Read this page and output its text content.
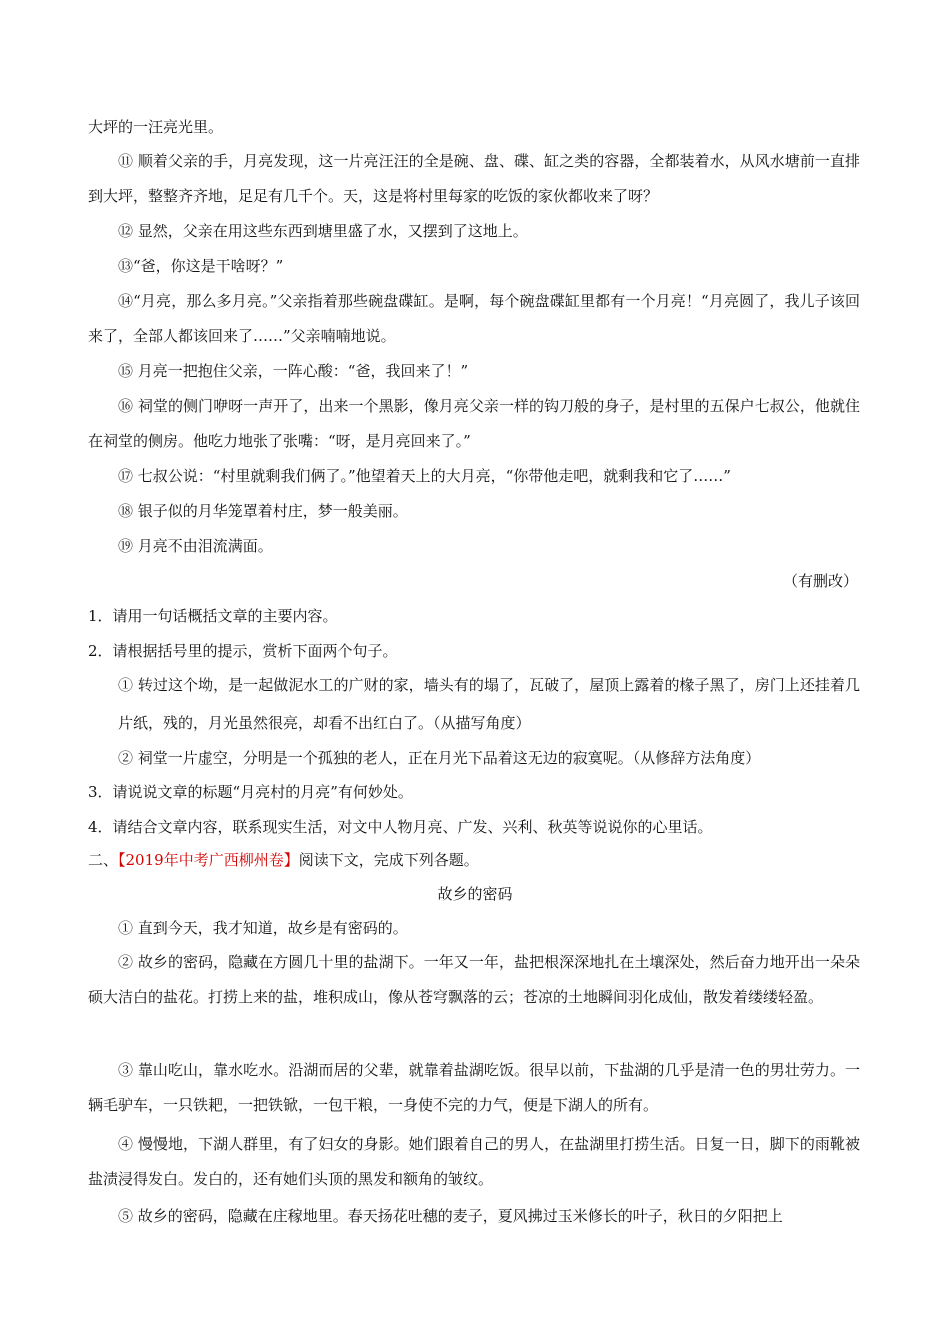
大坪的一汪亮光里。
⑪ 顺着父亲的手，月亮发现，这一片亮汪汪的全是碗、盘、碟、缸之类的容器，全都装着水，从风水塘前一直排到大坪，整整齐齐地，足足有几千个。天，这是将村里每家的吃饭的家伙都收来了呀？
⑫ 显然，父亲在用这些东西到塘里盛了水，又摆到了这地上。
⑬“爸，你这是干啥呀？”
⑭“月亮，那么多月亮。”父亲指着那些碗盘碟缸。是啊，每个碗盘碟缸里都有一个月亮！“月亮圆了，我儿子该回来了，全部人都该回来了……”父亲喃喃地说。
⑮ 月亮一把抱住父亲，一阵心酸：“爸，我回来了！”
⑯ 祠堂的侧门咿呀一声开了，出来一个黑影，像月亮父亲一样的钩刀般的身子，是村里的五保户七叔公，他就住在祠堂的侧房。他吃力地张了张嘴：“呀，是月亮回来了。”
⑰ 七叔公说：“村里就剩我们俩了。”他望着天上的大月亮，“你带他走吧，就剩我和它了……”
⑱ 银子似的月华笼罩着村庄，梦一般美丽。
⑲ 月亮不由泪流满面。
（有删改）
1．请用一句话概括文章的主要内容。
2．请根据括号里的提示，赏析下面两个句子。
① 转过这个坳，是一起做泥水工的广财的家，墙头有的塌了，瓦破了，屋顶上露着的椽子黑了，房门上还挂着几片纸，残的，月光虽然很亮，却看不出红白了。（从描写角度）
② 祠堂一片虚空，分明是一个孤独的老人，正在月光下品着这无边的寂寞呢。（从修辞方法角度）
3．请说说文章的标题“月亮村的月亮”有何妙处。
4．请结合文章内容，联系现实生活，对文中人物月亮、广发、兴利、秋英等说说你的心里话。
二、【2019年中考广西柳州卷】阅读下文，完成下列各题。
故乡的密码
① 直到今天，我才知道，故乡是有密码的。
② 故乡的密码，隐藏在方圆几十里的盐湖下。一年又一年，盐把根深深地扎在土壤深处，然后奋力地开出一朵朵硕大洁白的盐花。打捞上来的盐，堆积成山，像从苍穹飘落的云；苍凉的土地瞬间羽化成仙，散发着缕缕轻盈。
③ 靠山吃山，靠水吃水。沿湖而居的父辈，就靠着盐湖吃饭。很早以前，下盐湖的几乎是清一色的男壮劳力。一辆毛驴车，一只铁耙，一把铁锨，一包干粮，一身使不完的力气，便是下湖人的所有。
④ 慢慢地，下湖人群里，有了妇女的身影。她们跟着自己的男人，在盐湖里打捞生活。日复一日，脚下的雨靴被盐渍浸得发白。发白的，还有她们头顶的黑发和额角的皱纹。
⑤ 故乡的密码，隐藏在庄稼地里。春天扬花吐穗的麦子，夏风拂过玉米修长的叶子，秋日的夕阳把上
